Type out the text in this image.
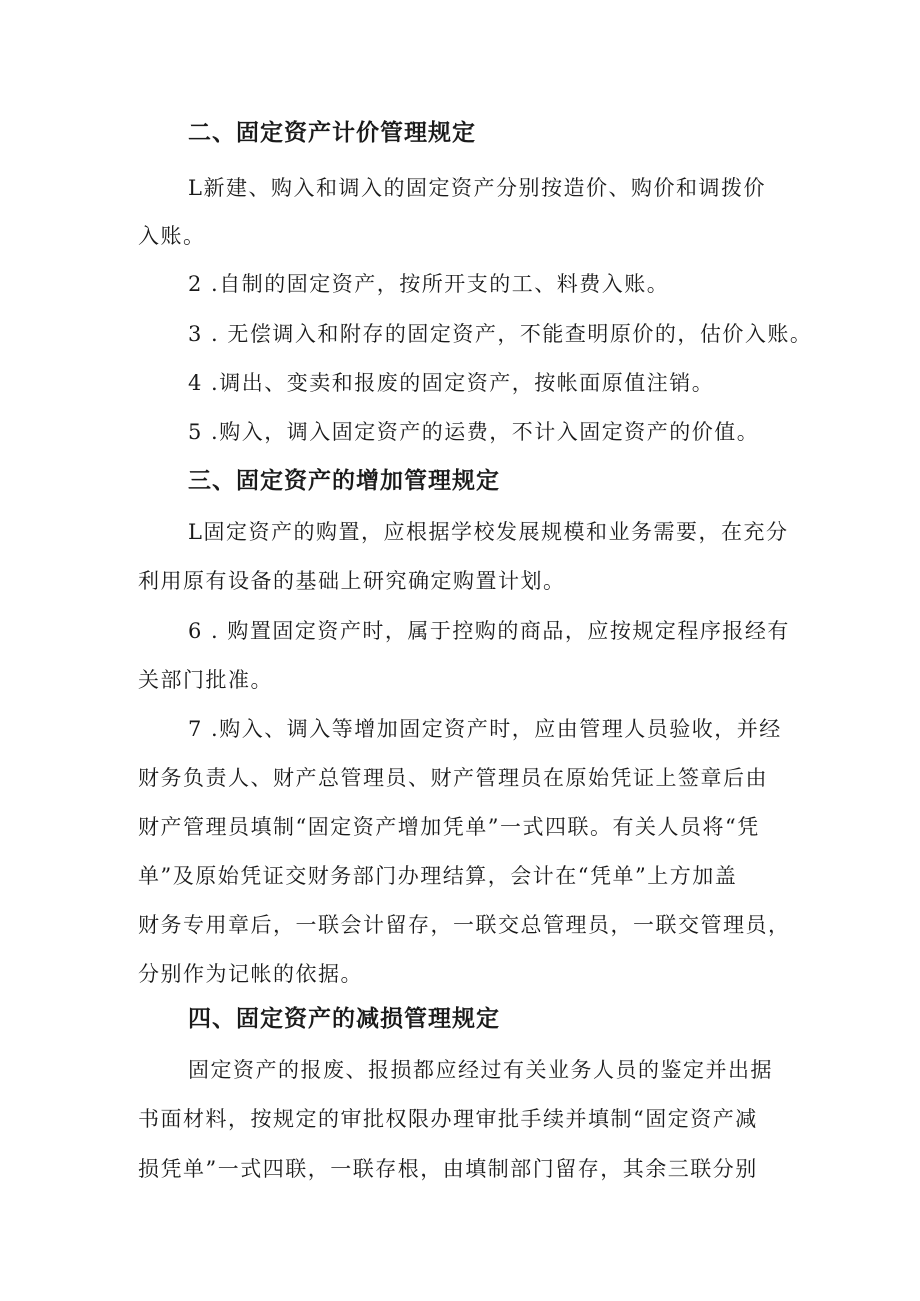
二、固定资产计价管理规定
L新建、购入和调入的固定资产分别按造价、购价和调拨价
入账。
2 .自制的固定资产，按所开支的工、料费入账。
3 . 无偿调入和附存的固定资产，不能查明原价的，估价入账。
4 .调出、变卖和报废的固定资产，按帐面原值注销。
5 .购入，调入固定资产的运费，不计入固定资产的价值。
三、固定资产的增加管理规定
L固定资产的购置，应根据学校发展规模和业务需要，在充分
利用原有设备的基础上研究确定购置计划。
6 . 购置固定资产时，属于控购的商品，应按规定程序报经有
关部门批准。
7 .购入、调入等增加固定资产时，应由管理人员验收，并经
财务负责人、财产总管理员、财产管理员在原始凭证上签章后由
财产管理员填制“固定资产增加凭单”一式四联。有关人员将“凭
单”及原始凭证交财务部门办理结算，会计在“凭单”上方加盖
财务专用章后，一联会计留存，一联交总管理员，一联交管理员，
分别作为记帐的依据。
四、固定资产的减损管理规定
固定资产的报废、报损都应经过有关业务人员的鉴定并出据
书面材料，按规定的审批权限办理审批手续并填制“固定资产减
损凭单”一式四联，一联存根，由填制部门留存，其余三联分别
